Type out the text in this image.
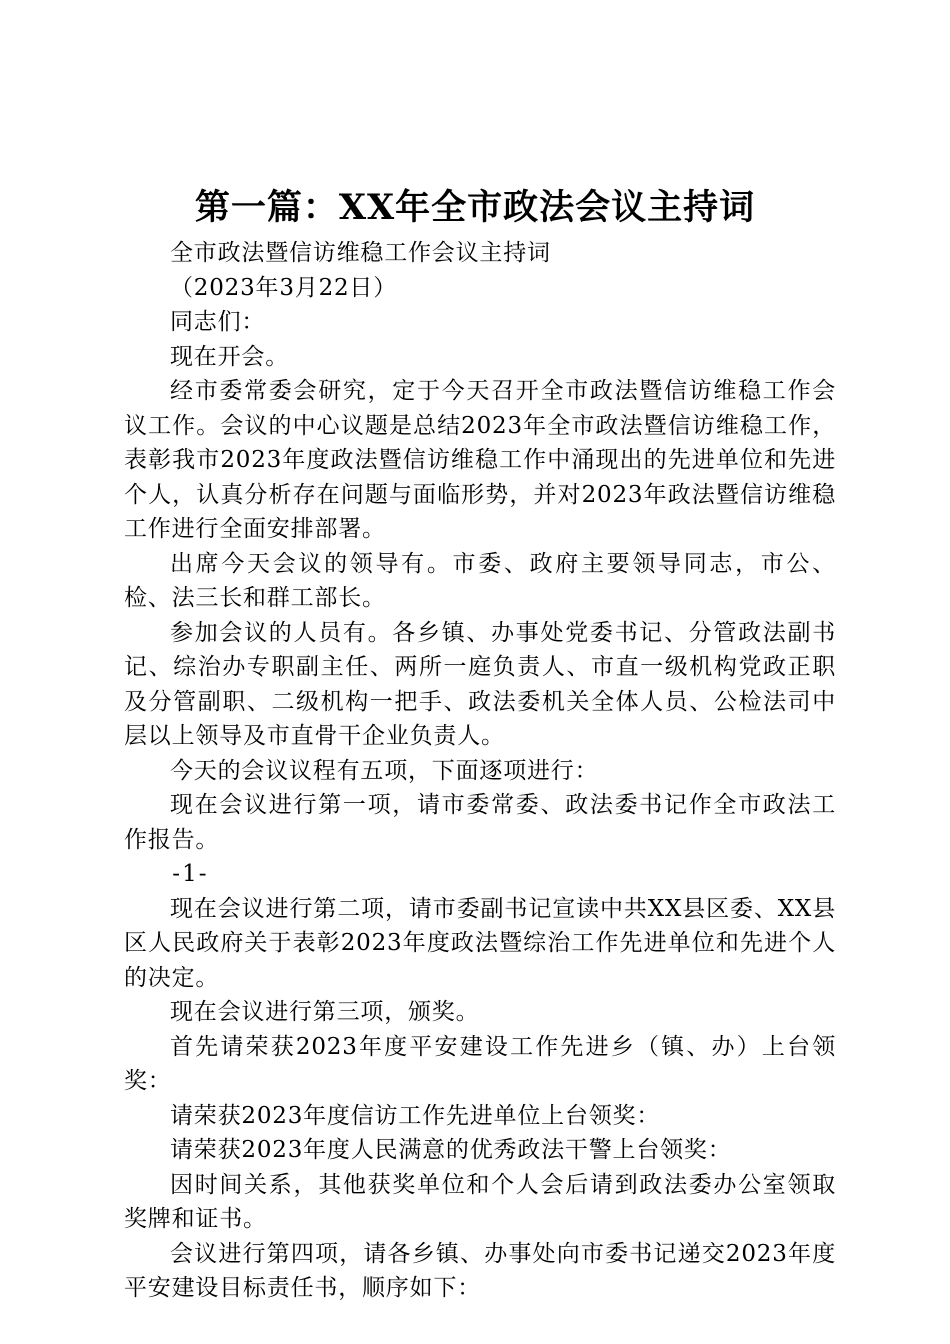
第一篇：XX年全市政法会议主持词

全市政法暨信访维稳工作会议主持词

（2023年3月22日）

同志们：

现在开会。

经市委常委会研究，定于今天召开全市政法暨信访维稳工作会议工作。会议的中心议题是总结2023年全市政法暨信访维稳工作，表彰我市2023年度政法暨信访维稳工作中涌现出的先进单位和先进个人，认真分析存在问题与面临形势，并对2023年政法暨信访维稳工作进行全面安排部署。

出席今天会议的领导有。市委、政府主要领导同志，市公、检、法三长和群工部长。

参加会议的人员有。各乡镇、办事处党委书记、分管政法副书记、综治办专职副主任、两所一庭负责人、市直一级机构党政正职及分管副职、二级机构一把手、政法委机关全体人员、公检法司中层以上领导及市直骨干企业负责人。

今天的会议议程有五项，下面逐项进行：

现在会议进行第一项，请市委常委、政法委书记作全市政法工作报告。

-1-

现在会议进行第二项，请市委副书记宣读中共XX县区委、XX县区人民政府关于表彰2023年度政法暨综治工作先进单位和先进个人的决定。

现在会议进行第三项，颁奖。

首先请荣获2023年度平安建设工作先进乡（镇、办）上台领奖：

请荣获2023年度信访工作先进单位上台领奖：

请荣获2023年度人民满意的优秀政法干警上台领奖：

因时间关系，其他获奖单位和个人会后请到政法委办公室领取奖牌和证书。

会议进行第四项，请各乡镇、办事处向市委书记递交2023年度平安建设目标责任书，顺序如下：
